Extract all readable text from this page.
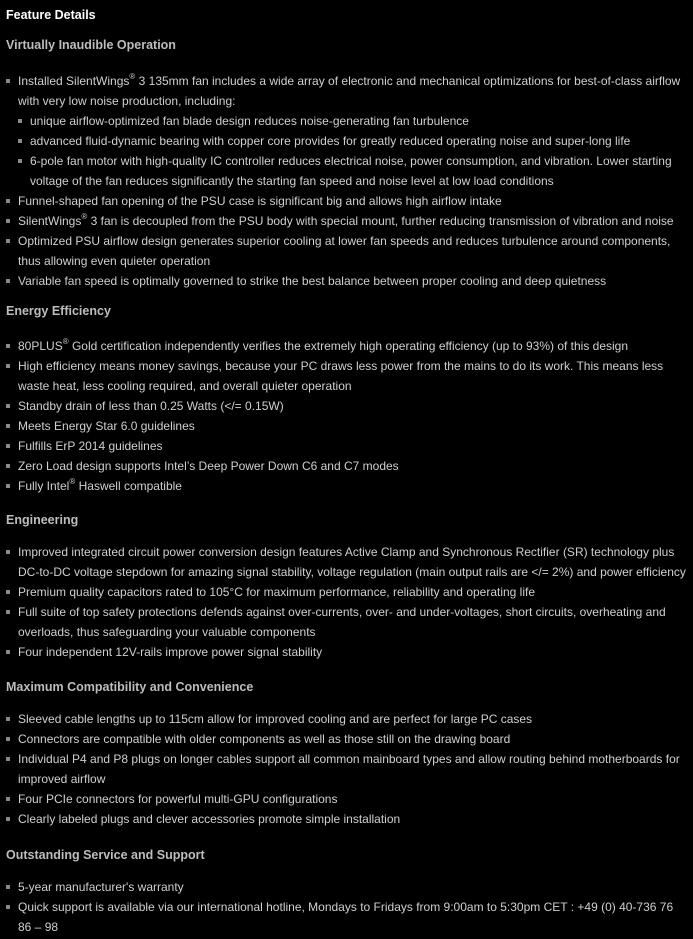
Feature Details
Virtually Inaudible Operation
Installed SilentWings® 3 135mm fan includes a wide array of electronic and mechanical optimizations for best-of-class airflow with very low noise production, including:
unique airflow-optimized fan blade design reduces noise-generating fan turbulence
advanced fluid-dynamic bearing with copper core provides for greatly reduced operating noise and super-long life
6-pole fan motor with high-quality IC controller reduces electrical noise, power consumption, and vibration. Lower starting voltage of the fan reduces significantly the starting fan speed and noise level at low load conditions
Funnel-shaped fan opening of the PSU case is significant big and allows high airflow intake
SilentWings® 3 fan is decoupled from the PSU body with special mount, further reducing transmission of vibration and noise
Optimized PSU airflow design generates superior cooling at lower fan speeds and reduces turbulence around components, thus allowing even quieter operation
Variable fan speed is optimally governed to strike the best balance between proper cooling and deep quietness
Energy Efficiency
80PLUS® Gold certification independently verifies the extremely high operating efficiency (up to 93%) of this design
High efficiency means money savings, because your PC draws less power from the mains to do its work. This means less waste heat, less cooling required, and overall quieter operation
Standby drain of less than 0.25 Watts (</= 0.15W)
Meets Energy Star 6.0 guidelines
Fulfills ErP 2014 guidelines
Zero Load design supports Intel’s Deep Power Down C6 and C7 modes
Fully Intel® Haswell compatible
Engineering
Improved integrated circuit power conversion design features Active Clamp and Synchronous Rectifier (SR) technology plus DC-to-DC voltage stepdown for amazing signal stability, voltage regulation (main output rails are </= 2%) and power efficiency
Premium quality capacitors rated to 105°C for maximum performance, reliability and operating life
Full suite of top safety protections defends against over-currents, over- and under-voltages, short circuits, overheating and overloads, thus safeguarding your valuable components
Four independent 12V-rails improve power signal stability
Maximum Compatibility and Convenience
Sleeved cable lengths up to 115cm allow for improved cooling and are perfect for large PC cases
Connectors are compatible with older components as well as those still on the drawing board
Individual P4 and P8 plugs on longer cables support all common mainboard types and allow routing behind motherboards for improved airflow
Four PCIe connectors for powerful multi-GPU configurations
Clearly labeled plugs and clever accessories promote simple installation
Outstanding Service and Support
5-year manufacturer's warranty
Quick support is available via our international hotline, Mondays to Fridays from 9:00am to 5:30pm CET : +49 (0) 40-736 76 86 – 98
